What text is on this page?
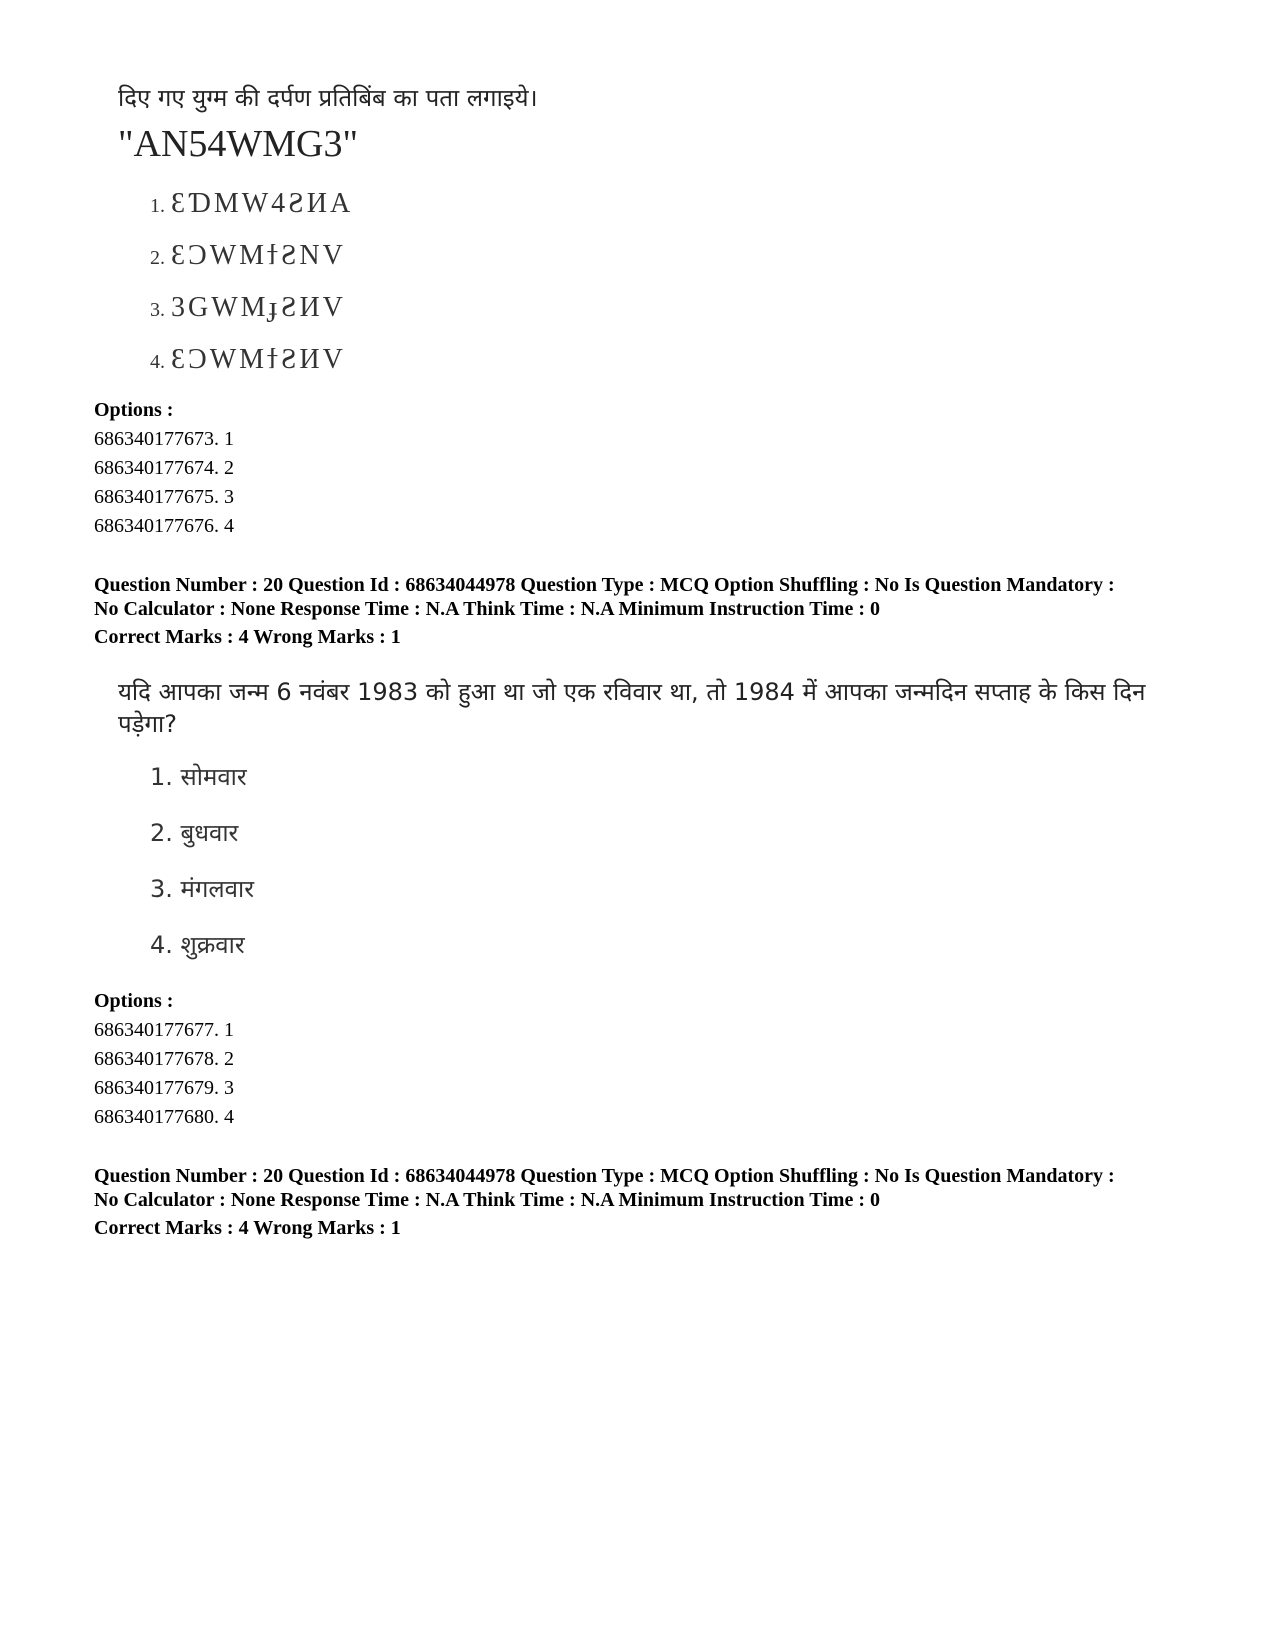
दिए गए युग्म की दर्पण प्रतिबिंब का पता लगाइये।

"AN54WMG3"

1. ƐƊMW4ƧИA
2. ƐƆWMϯƧNV
3. 3GWMɟƧИV
4. ƐƆWMϯƧИV
Options :
686340177673. 1
686340177674. 2
686340177675. 3
686340177676. 4
Question Number : 20 Question Id : 68634044978 Question Type : MCQ Option Shuffling : No Is Question Mandatory :
No Calculator : None Response Time : N.A Think Time : N.A Minimum Instruction Time : 0
Correct Marks : 4 Wrong Marks : 1

यदि आपका जन्म 6 नवंबर 1983 को हुआ था जो एक रविवार था, तो 1984 में आपका जन्मदिन सप्ताह के किस दिन

पड़ेगा?

1. सोमवार
2. बुधवार
3. मंगलवार
4. शुक्रवार
Options :
686340177677. 1
686340177678. 2
686340177679. 3
686340177680. 4
Question Number : 20 Question Id : 68634044978 Question Type : MCQ Option Shuffling : No Is Question Mandatory :
No Calculator : None Response Time : N.A Think Time : N.A Minimum Instruction Time : 0
Correct Marks : 4 Wrong Marks : 1
